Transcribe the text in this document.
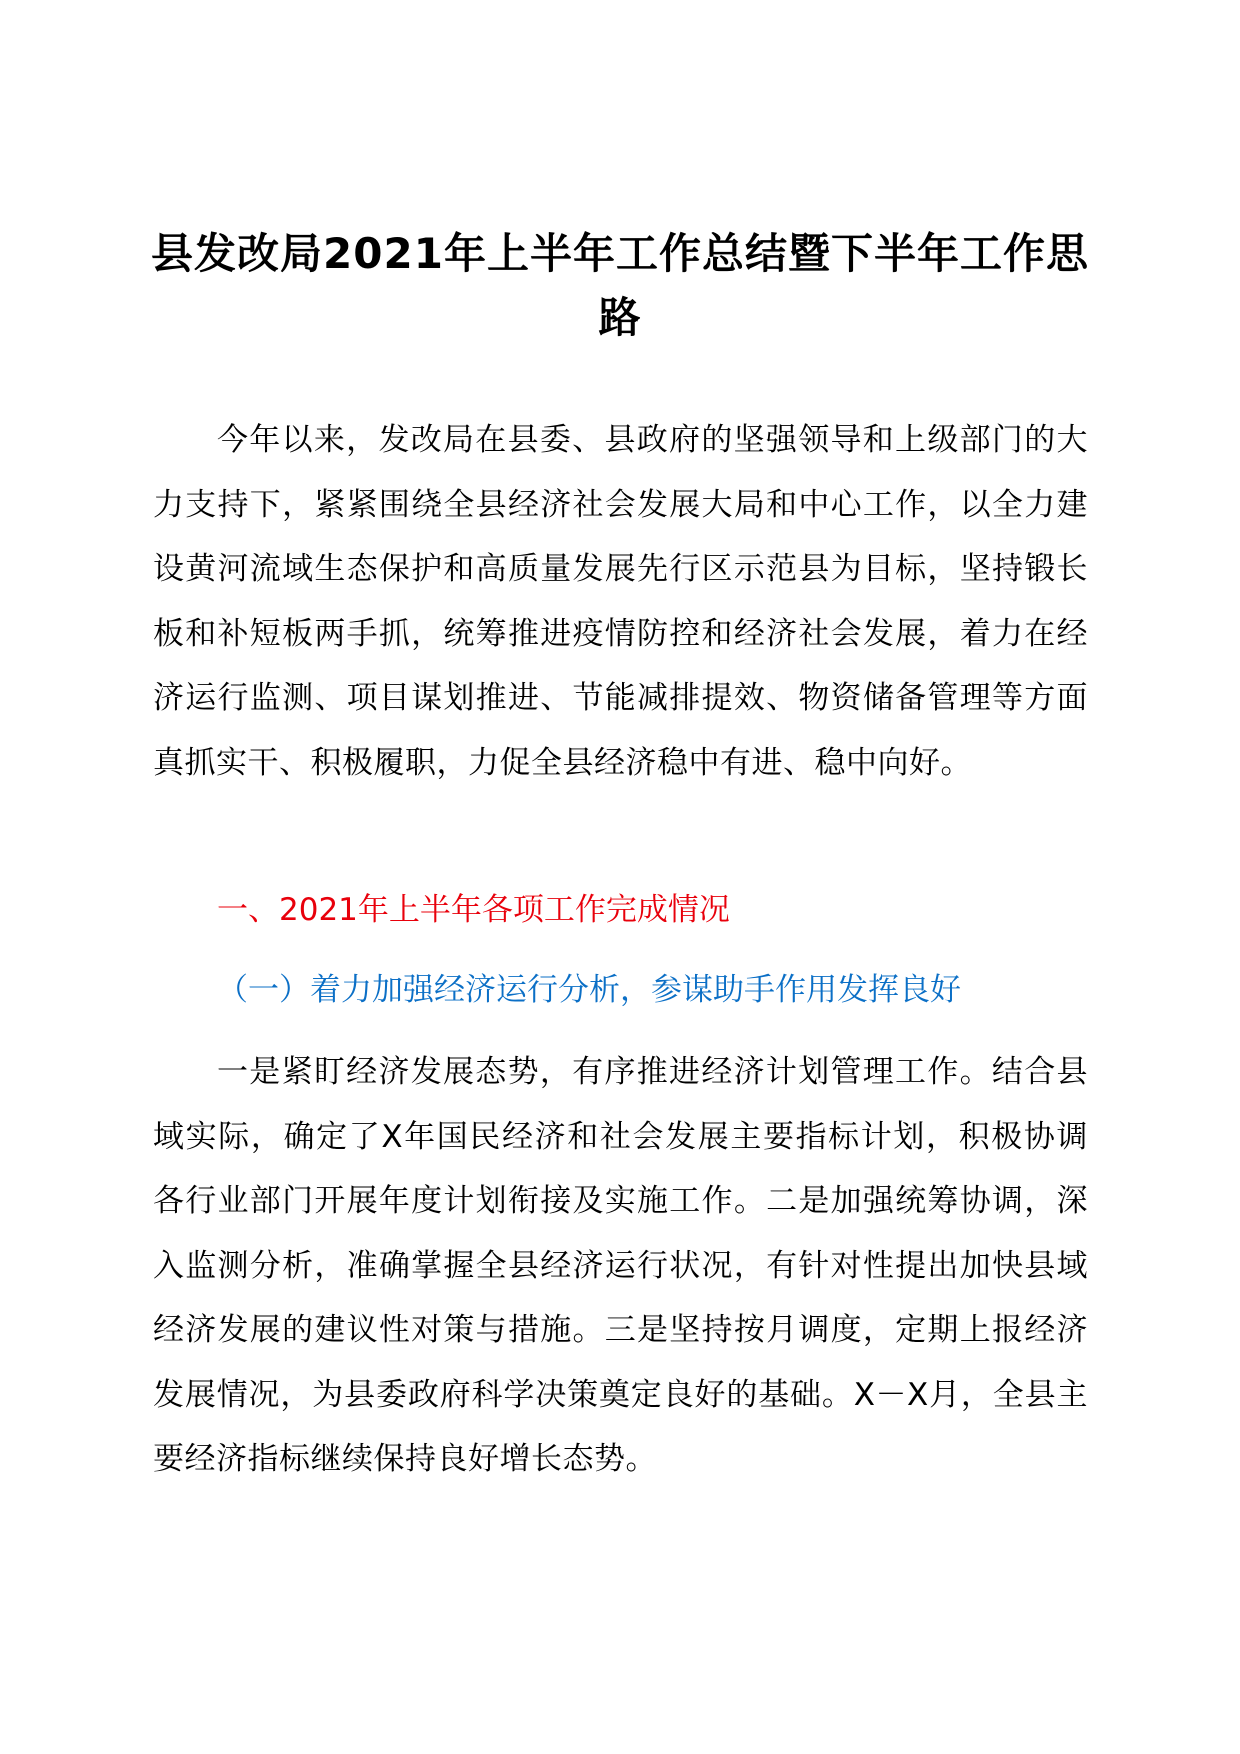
县发改局2021年上半年工作总结暨下半年工作思路

今年以来，发改局在县委、县政府的坚强领导和上级部门的大力支持下，紧紧围绕全县经济社会发展大局和中心工作，以全力建设黄河流域生态保护和高质量发展先行区示范县为目标，坚持锻长板和补短板两手抓，统筹推进疫情防控和经济社会发展，着力在经济运行监测、项目谋划推进、节能减排提效、物资储备管理等方面真抓实干、积极履职，力促全县经济稳中有进、稳中向好。

一、2021年上半年各项工作完成情况
（一）着力加强经济运行分析，参谋助手作用发挥良好

一是紧盯经济发展态势，有序推进经济计划管理工作。结合县域实际，确定了X年国民经济和社会发展主要指标计划，积极协调各行业部门开展年度计划衔接及实施工作。二是加强统筹协调，深入监测分析，准确掌握全县经济运行状况，有针对性提出加快县域经济发展的建议性对策与措施。三是坚持按月调度，定期上报经济发展情况，为县委政府科学决策奠定良好的基础。X－X月，全县主要经济指标继续保持良好增长态势。
